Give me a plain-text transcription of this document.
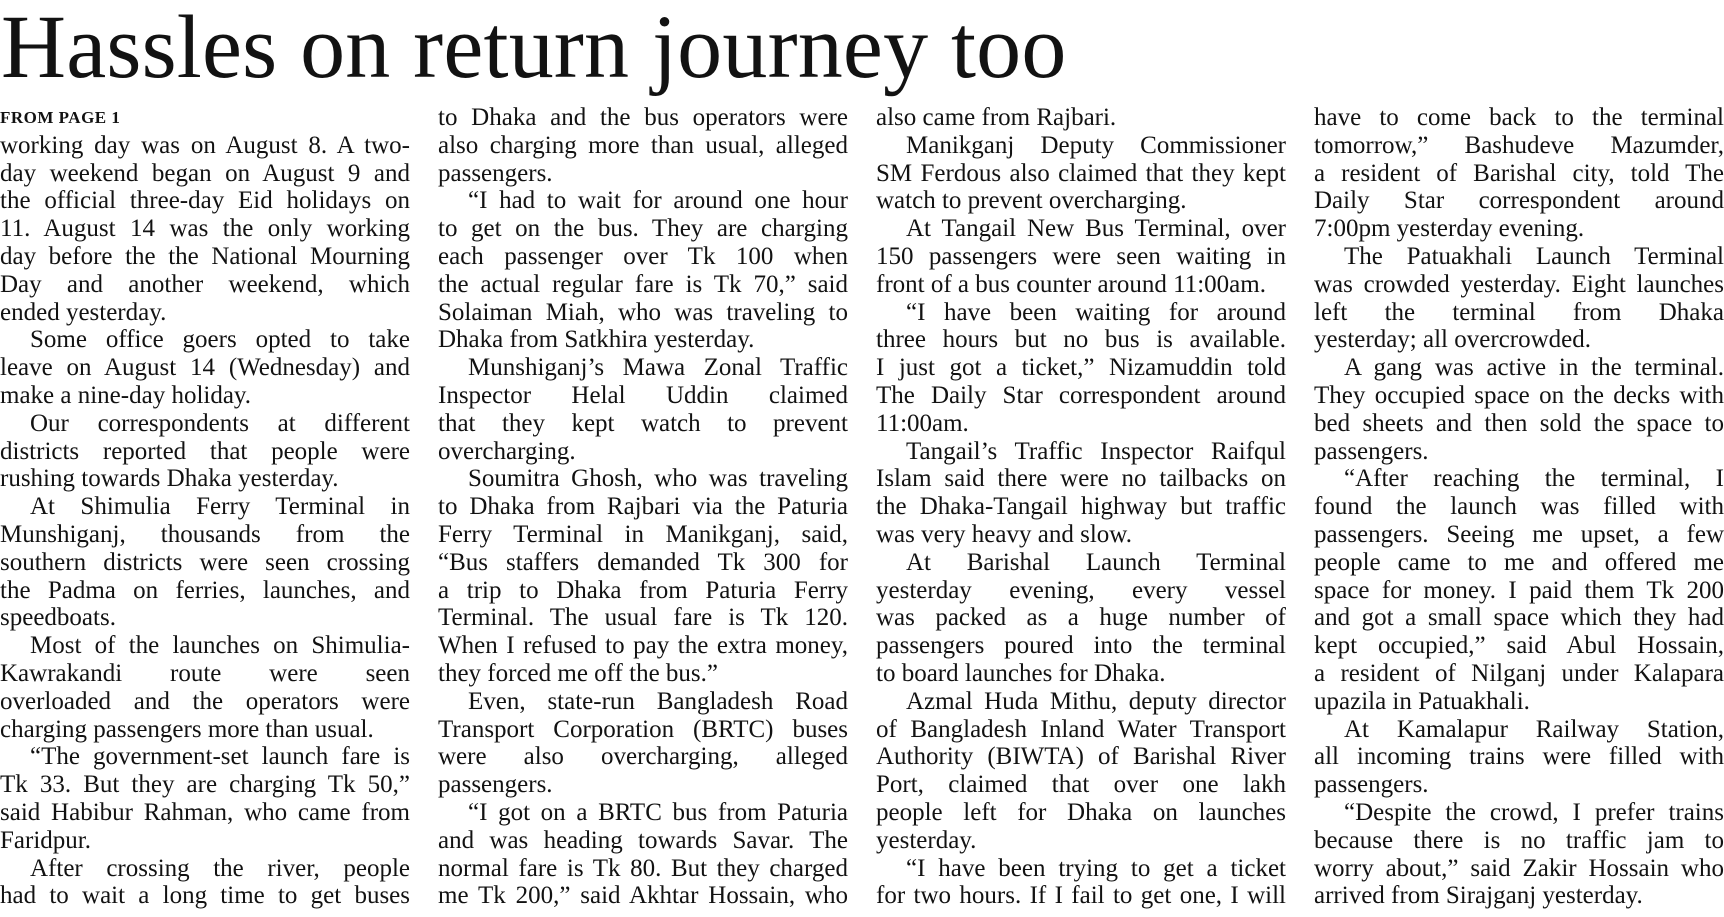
Hassles on return journey too
FROM PAGE 1
working day was on August 8. A two-
day weekend began on August 9 and
the official three-day Eid holidays on
11. August 14 was the only working
day before the the National Mourning
Day and another weekend, which
ended yesterday.
Some office goers opted to take
leave on August 14 (Wednesday) and
make a nine-day holiday.
Our correspondents at different
districts reported that people were
rushing towards Dhaka yesterday.
At Shimulia Ferry Terminal in
Munshiganj, thousands from the
southern districts were seen crossing
the Padma on ferries, launches, and
speedboats.
Most of the launches on Shimulia-
Kawrakandi route were seen
overloaded and the operators were
charging passengers more than usual.
“The government-set launch fare is
Tk 33. But they are charging Tk 50,”
said Habibur Rahman, who came from
Faridpur.
After crossing the river, people
had to wait a long time to get buses
to Dhaka and the bus operators were
also charging more than usual, alleged
passengers.
“I had to wait for around one hour
to get on the bus. They are charging
each passenger over Tk 100 when
the actual regular fare is Tk 70,” said
Solaiman Miah, who was traveling to
Dhaka from Satkhira yesterday.
Munshiganj’s Mawa Zonal Traffic
Inspector Helal Uddin claimed
that they kept watch to prevent
overcharging.
Soumitra Ghosh, who was traveling
to Dhaka from Rajbari via the Paturia
Ferry Terminal in Manikganj, said,
“Bus staffers demanded Tk 300 for
a trip to Dhaka from Paturia Ferry
Terminal. The usual fare is Tk 120.
When I refused to pay the extra money,
they forced me off the bus.”
Even, state-run Bangladesh Road
Transport Corporation (BRTC) buses
were also overcharging, alleged
passengers.
“I got on a BRTC bus from Paturia
and was heading towards Savar. The
normal fare is Tk 80. But they charged
me Tk 200,” said Akhtar Hossain, who
also came from Rajbari.
Manikganj Deputy Commissioner
SM Ferdous also claimed that they kept
watch to prevent overcharging.
At Tangail New Bus Terminal, over
150 passengers were seen waiting in
front of a bus counter around 11:00am.
“I have been waiting for around
three hours but no bus is available.
I just got a ticket,” Nizamuddin told
The Daily Star correspondent around
11:00am.
Tangail’s Traffic Inspector Raifqul
Islam said there were no tailbacks on
the Dhaka-Tangail highway but traffic
was very heavy and slow.
At Barishal Launch Terminal
yesterday evening, every vessel
was packed as a huge number of
passengers poured into the terminal
to board launches for Dhaka.
Azmal Huda Mithu, deputy director
of Bangladesh Inland Water Transport
Authority (BIWTA) of Barishal River
Port, claimed that over one lakh
people left for Dhaka on launches
yesterday.
“I have been trying to get a ticket
for two hours. If I fail to get one, I will
have to come back to the terminal
tomorrow,” Bashudeve Mazumder,
a resident of Barishal city, told The
Daily Star correspondent around
7:00pm yesterday evening.
The Patuakhali Launch Terminal
was crowded yesterday. Eight launches
left the terminal from Dhaka
yesterday; all overcrowded.
A gang was active in the terminal.
They occupied space on the decks with
bed sheets and then sold the space to
passengers.
“After reaching the terminal, I
found the launch was filled with
passengers. Seeing me upset, a few
people came to me and offered me
space for money. I paid them Tk 200
and got a small space which they had
kept occupied,” said Abul Hossain,
a resident of Nilganj under Kalapara
upazila in Patuakhali.
At Kamalapur Railway Station,
all incoming trains were filled with
passengers.
“Despite the crowd, I prefer trains
because there is no traffic jam to
worry about,” said Zakir Hossain who
arrived from Sirajganj yesterday.
